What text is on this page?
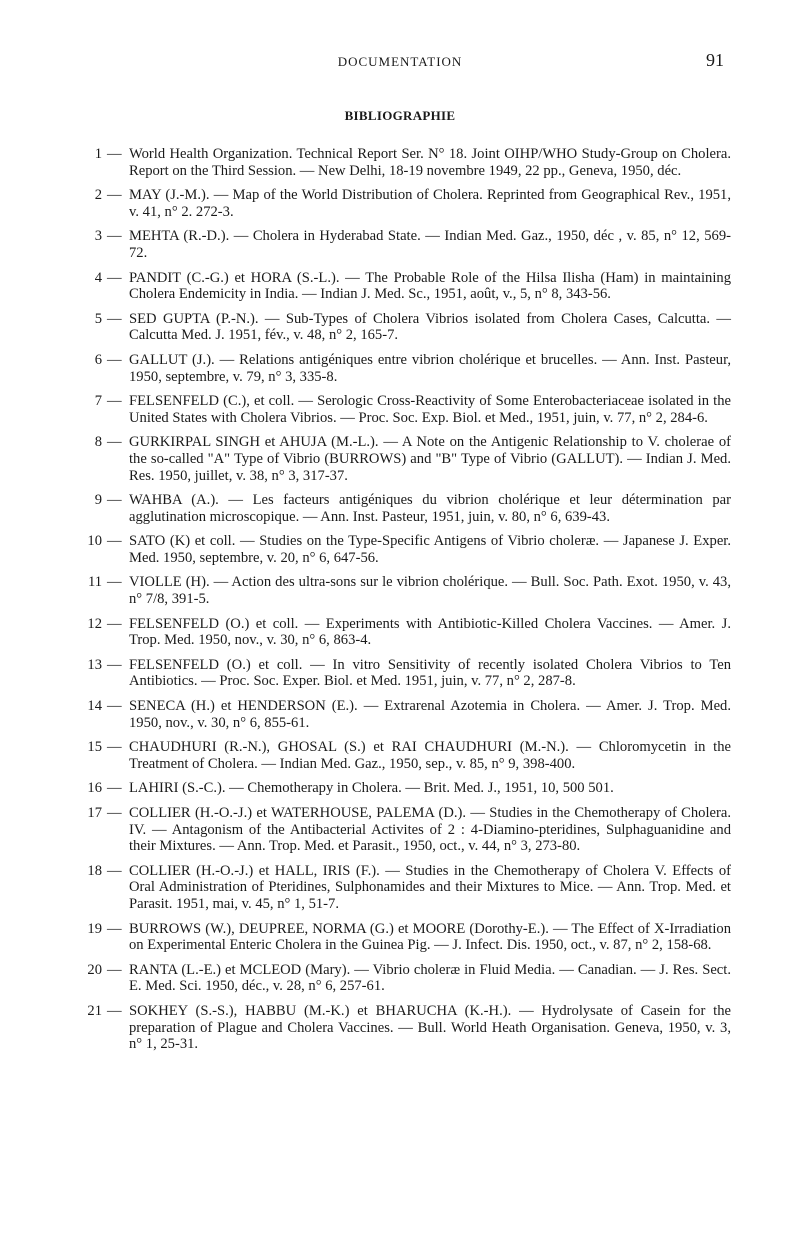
DOCUMENTATION	91
BIBLIOGRAPHIE
1 — World Health Organization. Technical Report Ser. N° 18. Joint OIHP/WHO Study-Group on Cholera. Report on the Third Session. — New Delhi, 18-19 novembre 1949, 22 pp., Geneva, 1950, déc.
2 — MAY (J.-M.). — Map of the World Distribution of Cholera. Reprinted from Geographical Rev., 1951, v. 41, n° 2. 272-3.
3 — MEHTA (R.-D.). — Cholera in Hyderabad State. — Indian Med. Gaz., 1950, déc , v. 85, n° 12, 569-72.
4 — PANDIT (C.-G.) et HORA (S.-L.). — The Probable Role of the Hilsa Ilisha (Ham) in maintaining Cholera Endemicity in India. — Indian J. Med. Sc., 1951, août, v., 5, n° 8, 343-56.
5 — SED GUPTA (P.-N.). — Sub-Types of Cholera Vibrios isolated from Cholera Cases, Calcutta. — Calcutta Med. J. 1951, fév., v. 48, n° 2, 165-7.
6 — GALLUT (J.). — Relations antigéniques entre vibrion cholérique et brucelles. — Ann. Inst. Pasteur, 1950, septembre, v. 79, n° 3, 335-8.
7 — FELSENFELD (C.), et coll. — Serologic Cross-Reactivity of Some Enterobacteriaceae isolated in the United States with Cholera Vibrios. — Proc. Soc. Exp. Biol. et Med., 1951, juin, v. 77, n° 2, 284-6.
8 — GURKIRPAL SINGH et AHUJA (M.-L.). — A Note on the Antigenic Relationship to V. cholerae of the so-called "A" Type of Vibrio (BURROWS) and "B" Type of Vibrio (GALLUT). — Indian J. Med. Res. 1950, juillet, v. 38, n° 3, 317-37.
9 — WAHBA (A.). — Les facteurs antigéniques du vibrion cholérique et leur détermination par agglutination microscopique. — Ann. Inst. Pasteur, 1951, juin, v. 80, n° 6, 639-43.
10 — SATO (K) et coll. — Studies on the Type-Specific Antigens of Vibrio choleræ. — Japanese J. Exper. Med. 1950, septembre, v. 20, n° 6, 647-56.
11 — VIOLLE (H). — Action des ultra-sons sur le vibrion cholérique. — Bull. Soc. Path. Exot. 1950, v. 43, n° 7/8, 391-5.
12 — FELSENFELD (O.) et coll. — Experiments with Antibiotic-Killed Cholera Vaccines. — Amer. J. Trop. Med. 1950, nov., v. 30, n° 6, 863-4.
13 — FELSENFELD (O.) et coll. — In vitro Sensitivity of recently isolated Cholera Vibrios to Ten Antibiotics. — Proc. Soc. Exper. Biol. et Med. 1951, juin, v. 77, n° 2, 287-8.
14 — SENECA (H.) et HENDERSON (E.). — Extrarenal Azotemia in Cholera. — Amer. J. Trop. Med. 1950, nov., v. 30, n° 6, 855-61.
15 — CHAUDHURI (R.-N.), GHOSAL (S.) et RAI CHAUDHURI (M.-N.). — Chloromycetin in the Treatment of Cholera. — Indian Med. Gaz., 1950, sep., v. 85, n° 9, 398-400.
16 — LAHIRI (S.-C.). — Chemotherapy in Cholera. — Brit. Med. J., 1951, 10, 500 501.
17 — COLLIER (H.-O.-J.) et WATERHOUSE, PALEMA (D.). — Studies in the Chemotherapy of Cholera. IV. — Antagonism of the Antibacterial Activites of 2 : 4-Diamino-pteridines, Sulphaguanidine and their Mixtures. — Ann. Trop. Med. et Parasit., 1950, oct., v. 44, n° 3, 273-80.
18 — COLLIER (H.-O.-J.) et HALL, IRIS (F.). — Studies in the Chemotherapy of Cholera V. Effects of Oral Administration of Pteridines, Sulphonamides and their Mixtures to Mice. — Ann. Trop. Med. et Parasit. 1951, mai, v. 45, n° 1, 51-7.
19 — BURROWS (W.), DEUPREE, NORMA (G.) et MOORE (Dorothy-E.). — The Effect of X-Irradiation on Experimental Enteric Cholera in the Guinea Pig. — J. Infect. Dis. 1950, oct., v. 87, n° 2, 158-68.
20 — RANTA (L.-E.) et MCLEOD (Mary). — Vibrio choleræ in Fluid Media. — Canadian. — J. Res. Sect. E. Med. Sci. 1950, déc., v. 28, n° 6, 257-61.
21 — SOKHEY (S.-S.), HABBU (M.-K.) et BHARUCHA (K.-H.). — Hydrolysate of Casein for the preparation of Plague and Cholera Vaccines. — Bull. World Heath Organisation. Geneva, 1950, v. 3, n° 1, 25-31.
